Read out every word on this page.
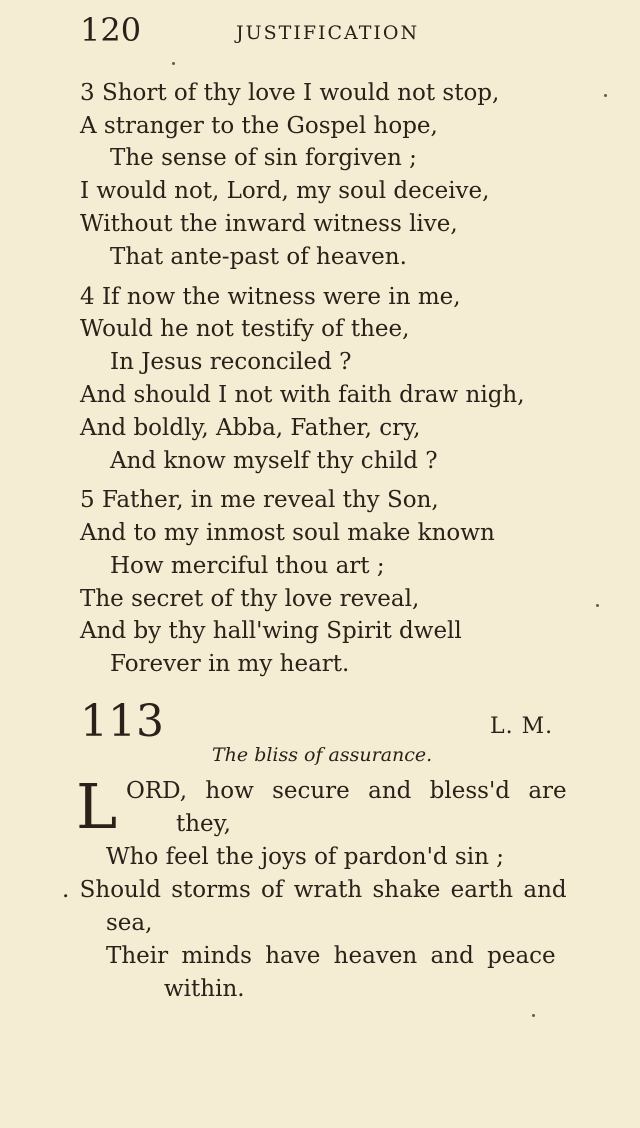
120	JUSTIFICATION
3 Short of thy love I would not stop,
A stranger to the Gospel hope,
The sense of sin forgiven ;
I would not, Lord, my soul deceive,
Without the inward witness live,
That ante-past of heaven.
4 If now the witness were in me,
Would he not testify of thee,
In Jesus reconciled ?
And should I not with faith draw nigh,
And boldly, Abba, Father, cry,
And know myself thy child ?
5 Father, in me reveal thy Son,
And to my inmost soul make known
How merciful thou art ;
The secret of thy love reveal,
And by thy hall'wing Spirit dwell
Forever in my heart.
113	L. M.
The bliss of assurance.
L ORD, how secure and bless'd are
they,
Who feel the joys of pardon'd sin ;
. Should storms of wrath shake earth and
sea,
Their minds have heaven and peace
within.
